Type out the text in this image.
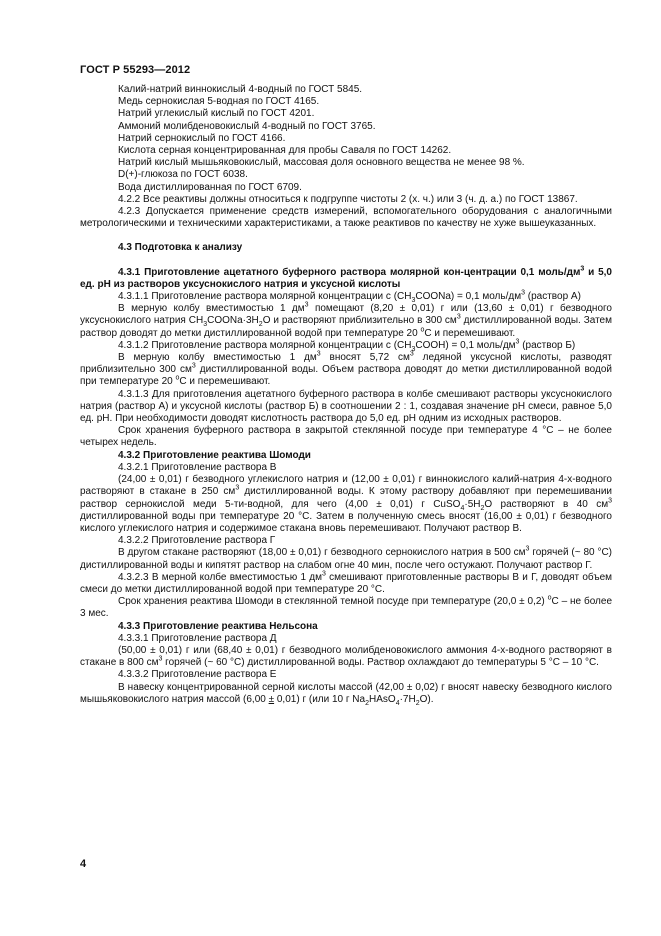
ГОСТ Р 55293—2012

Калий-натрий виннокислый 4-водный по ГОСТ 5845.

Медь сернокислая 5-водная по ГОСТ 4165.

Натрий углекислый кислый по ГОСТ 4201.

Аммоний молибденовокислый 4-водный по ГОСТ 3765.

Натрий сернокислый по ГОСТ 4166.

Кислота серная концентрированная для пробы Саваля по ГОСТ 14262.

Натрий кислый мышьяковокислый, массовая доля основного вещества не менее 98 %.

D(+)-глюкоза по ГОСТ 6038.

Вода дистиллированная по ГОСТ 6709.

4.2.2 Все реактивы должны относиться к подгруппе чистоты 2 (х. ч.) или 3 (ч. д. а.) по ГОСТ 13867.

4.2.3 Допускается применение средств измерений, вспомогательного оборудования с аналогичными метрологическими и техническими характеристиками, а также реактивов по качеству не хуже вышеуказанных.

4.3 Подготовка к анализу

4.3.1 Приготовление ацетатного буферного раствора молярной кон-центрации 0,1 моль/$дм^3$ и 5,0 ед. рН из растворов уксуснокислого натрия и уксусной кислоты

4.3.1.1 Приготовление раствора молярной концентрации с $(CH_3COONa) = 0,1$ моль/$дм^3$ (раствор А)

В мерную колбу вместимостью 1 $дм^3$ помещают (8,20 ± 0,01) г или (13,60 ± 0,01) г безводного уксуснокислого натрия $CH_3COONa\cdot 3H_2O$ и растворяют приблизительно в 300 $см^3$ дистиллированной воды. Затем раствор доводят до метки дистиллированной водой при температуре 20 $^о$С и перемешивают.

4.3.1.2 Приготовление раствора молярной концентрации с $(CH_3COOH) = 0,1$ моль/$дм^3$ (раствор Б)

В мерную колбу вместимостью 1 $дм^3$ вносят 5,72 $см^3$ ледяной уксусной кислоты, разводят приблизительно 300 $см^3$ дистиллированной воды. Объем раствора доводят до метки дистиллированной водой при температуре 20 $^о$С и перемешивают.

4.3.1.3 Для приготовления ацетатного буферного раствора в колбе смешивают растворы уксуснокислого натрия (раствор А) и уксусной кислоты (раствор Б) в соотношении 2 : 1, создавая значение рН смеси, равное 5,0 ед. рН. При необходимости доводят кислотность раствора до 5,0 ед. рН одним из исходных растворов.

Срок хранения буферного раствора в закрытой стеклянной посуде при температуре 4 °С – не более четырех недель.

4.3.2 Приготовление реактива Шомоди

4.3.2.1 Приготовление раствора В

(24,00 ± 0,01) г безводного углекислого натрия и (12,00 ± 0,01) г виннокислого калий-натрия 4-х-водного растворяют в стакане в 250 $см^3$ дистиллированной воды. К этому раствору добавляют при перемешивании раствор сернокислой меди 5-ти-водной, для чего (4,00 ± 0,01) г $CuSO_4\cdot 5H_2O$ растворяют в 40 $см^3$ дистиллированной воды при температуре 20 °С. Затем в полученную смесь вносят (16,00 ± 0,01) г безводного кислого углекислого натрия и содержимое стакана вновь перемешивают. Получают раствор В.

4.3.2.2 Приготовление раствора Г

В другом стакане растворяют (18,00 ± 0,01) г безводного сернокислого натрия в 500 $см^3$ горячей (~ 80 °С) дистиллированной воды и кипятят раствор на слабом огне 40 мин, после чего остужают. Получают раствор Г.

4.3.2.3 В мерной колбе вместимостью 1 $дм^3$ смешивают приготовленные растворы В и Г, доводят объем смеси до метки дистиллированной водой при температуре 20 °С.

Срок хранения реактива Шомоди в стеклянной темной посуде при температуре (20,0 ± 0,2) $^о$С – не более 3 меc.

4.3.3 Приготовление реактива Нельсона

4.3.3.1 Приготовление раствора Д

(50,00 ± 0,01) г или (68,40 ± 0,01) г безводного молибденовокислого аммония 4-х-водного растворяют в стакане в 800 $см^3$ горячей (~ 60 °С) дистиллированной воды. Раствор охлаждают до температуры 5 °С – 10 °С.

4.3.3.2 Приготовление раствора Е

В навеску концентрированной серной кислоты массой (42,00 ± 0,02) г вносят навеску безводного кислого мышьяковокислого натрия массой (6,00 ± 0,01) г (или 10 г $Na_2HAsO_4\cdot 7H_2O$).

4
